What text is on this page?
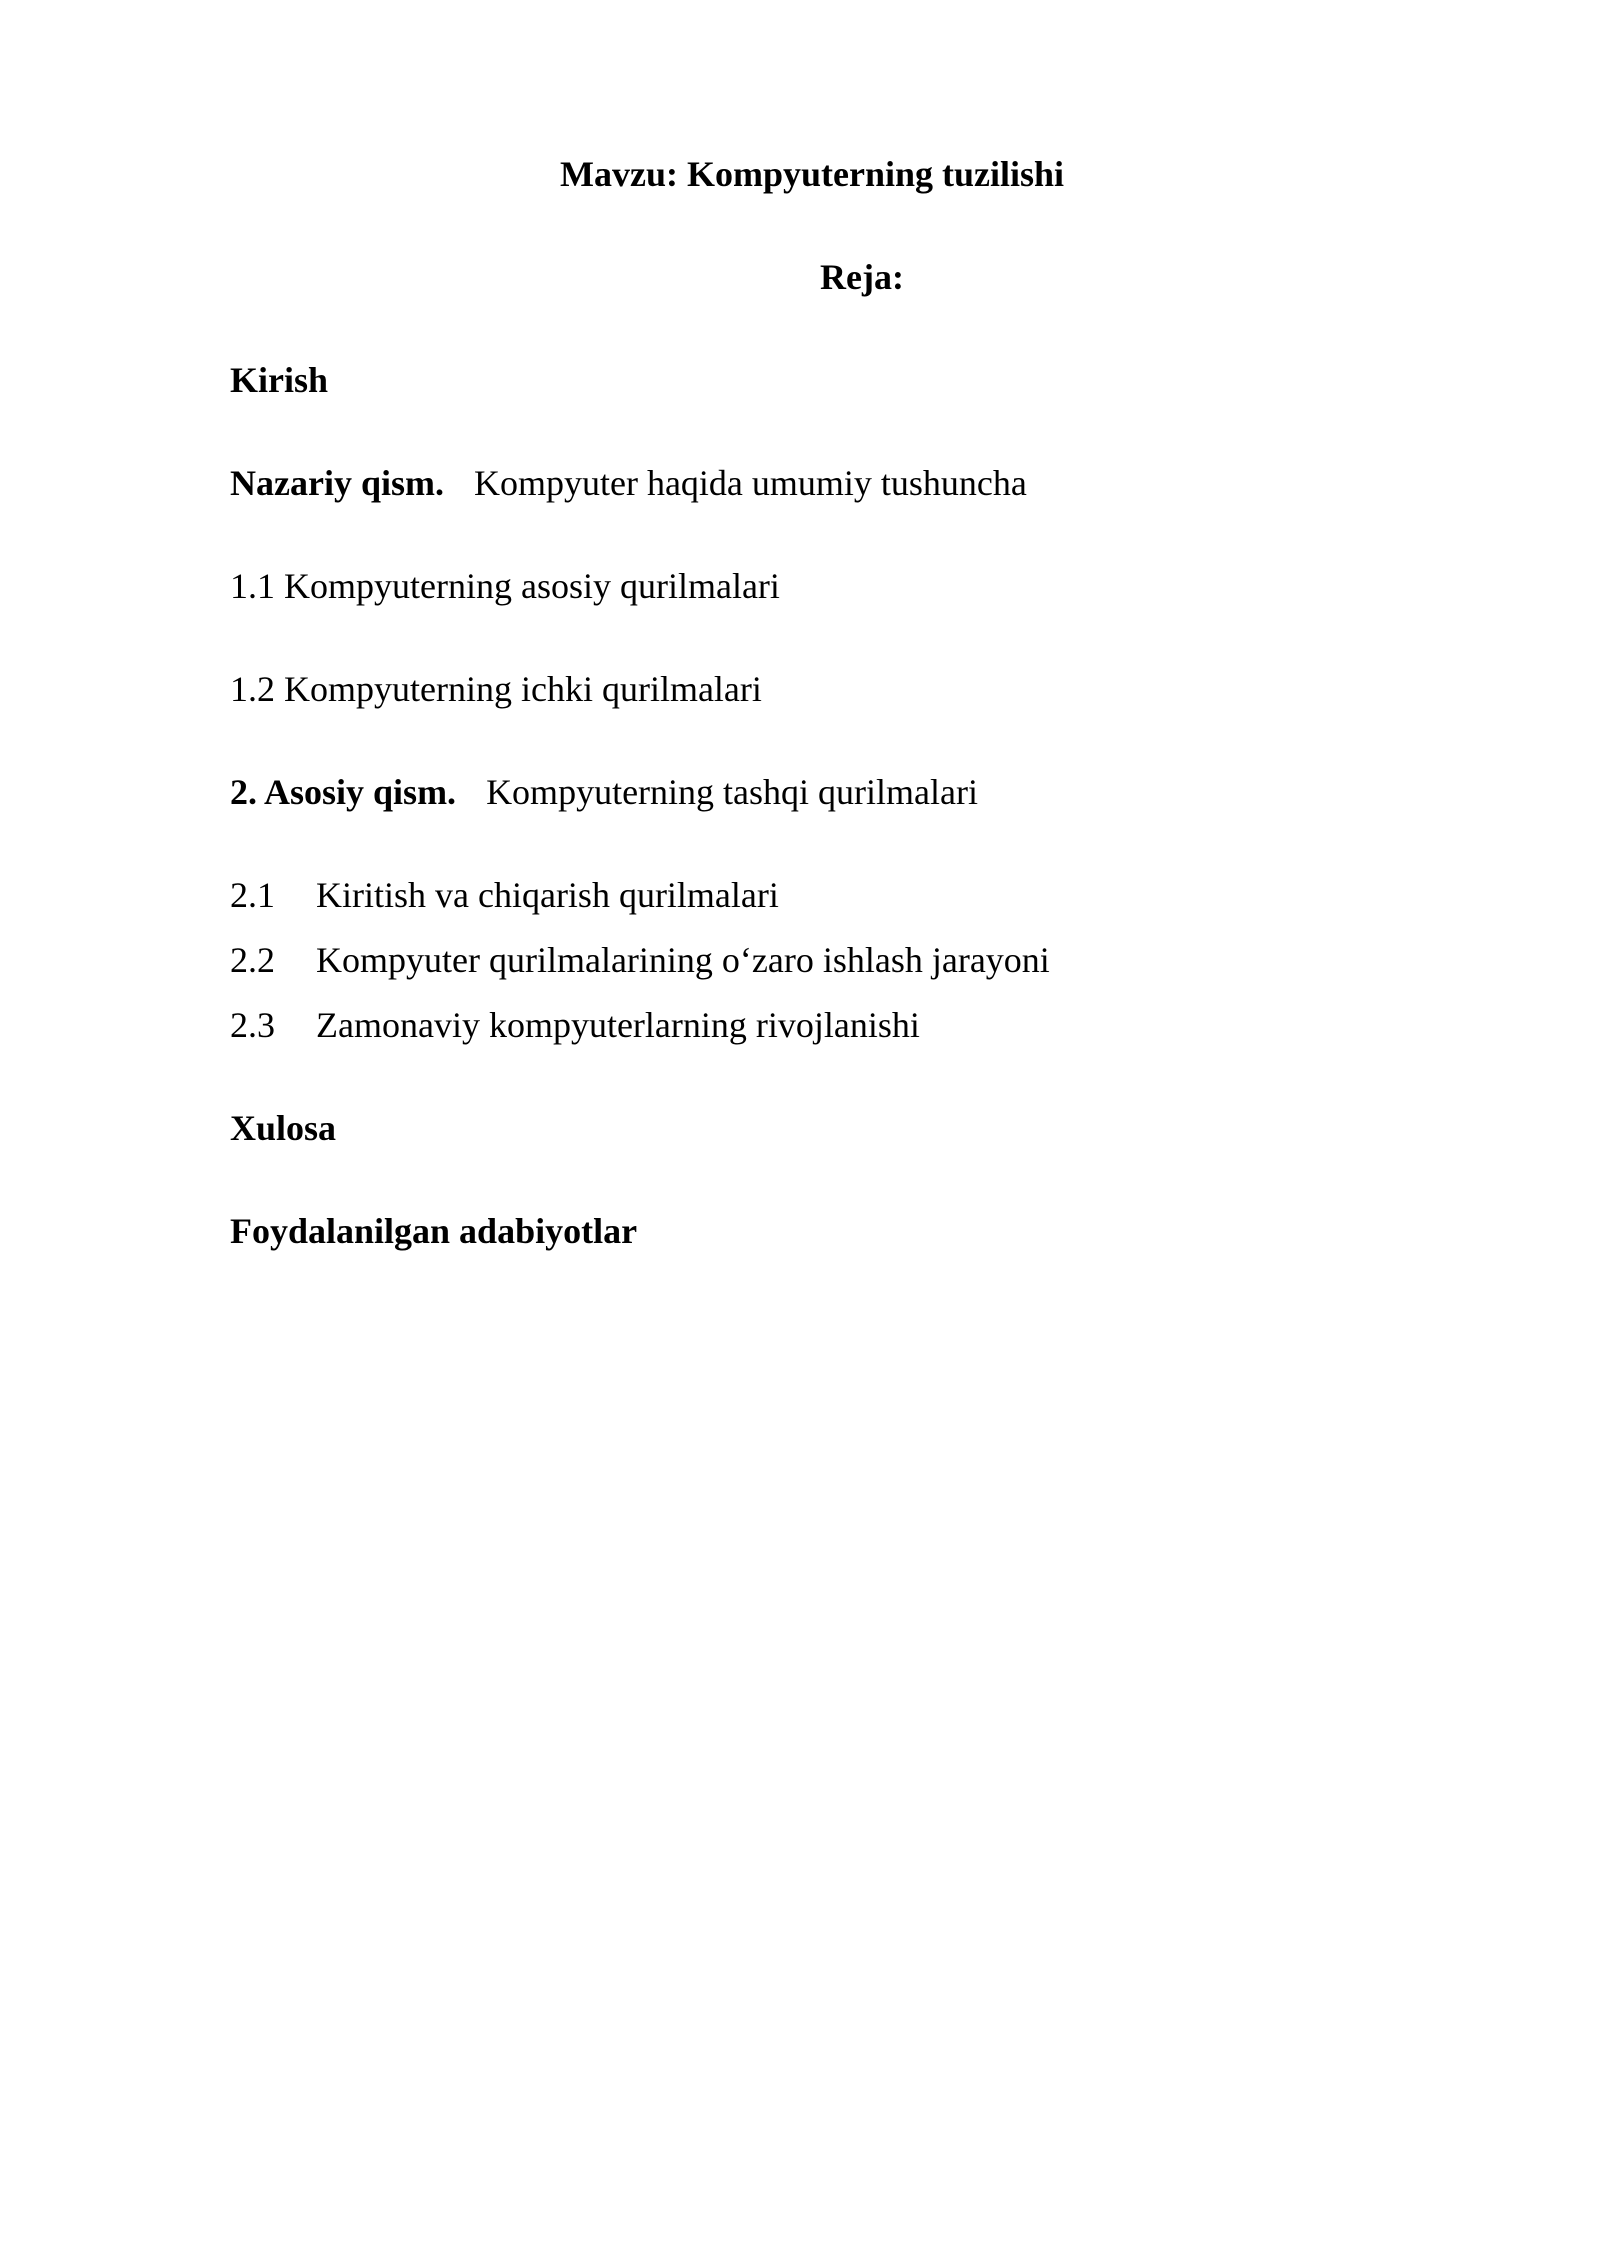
Mavzu: Kompyuterning tuzilishi
Reja:
Kirish
Nazariy qism. Kompyuter haqida umumiy tushuncha
1.1 Kompyuterning asosiy qurilmalari
1.2 Kompyuterning ichki qurilmalari
2. Asosiy qism. Kompyuterning tashqi qurilmalari
2.1 Kiritish va chiqarish qurilmalari
2.2 Kompyuter qurilmalarining o‘zaro ishlash jarayoni
2.3 Zamonaviy kompyuterlarning rivojlanishi
Xulosa
Foydalanilgan adabiyotlar
